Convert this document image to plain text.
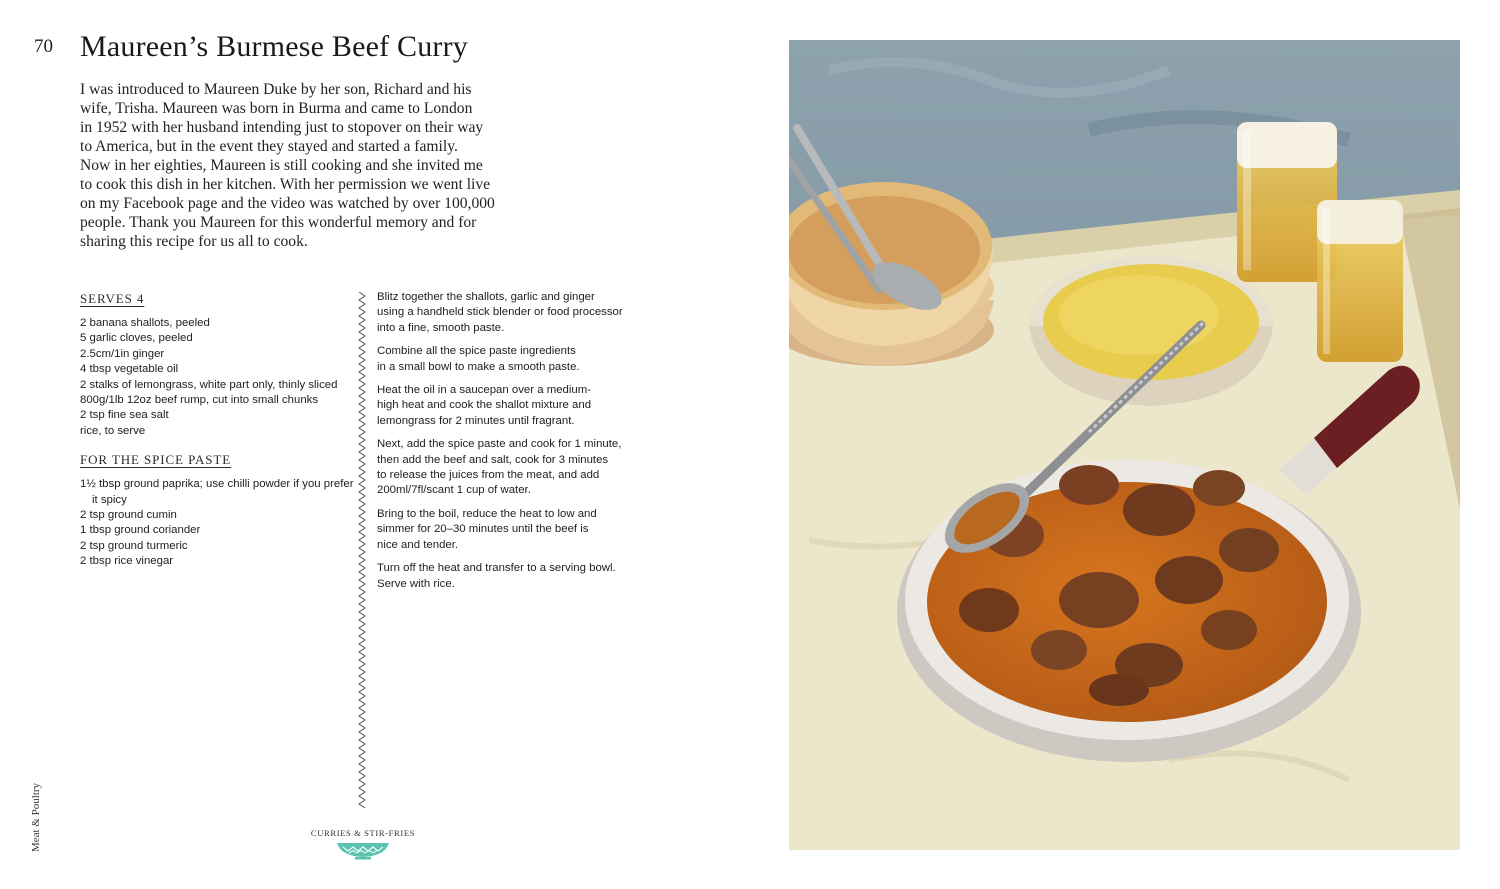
70 Maureen’s Burmese Beef Curry
I was introduced to Maureen Duke by her son, Richard and his
wife, Trisha. Maureen was born in Burma and came to London
in 1952 with her husband intending just to stopover on their way
to America, but in the event they stayed and started a family.
Now in her eighties, Maureen is still cooking and she invited me
to cook this dish in her kitchen. With her permission we went live
on my Facebook page and the video was watched by over 100,000
people. Thank you Maureen for this wonderful memory and for
sharing this recipe for us all to cook.
SERVES 4
2 banana shallots, peeled
5 garlic cloves, peeled
2.5cm/1in ginger
4 tbsp vegetable oil
2 stalks of lemongrass, white part only, thinly sliced
800g/1lb 12oz beef rump, cut into small chunks
2 tsp fine sea salt
rice, to serve
FOR THE SPICE PASTE
1½ tbsp ground paprika; use chilli powder if you prefer it spicy
2 tsp ground cumin
1 tbsp ground coriander
2 tsp ground turmeric
2 tbsp rice vinegar

Blitz together the shallots, garlic and ginger
using a handheld stick blender or food processor
into a fine, smooth paste.

Combine all the spice paste ingredients
in a small bowl to make a smooth paste.

Heat the oil in a saucepan over a medium-
high heat and cook the shallot mixture and
lemongrass for 2 minutes until fragrant.

Next, add the spice paste and cook for 1 minute,
then add the beef and salt, cook for 3 minutes
to release the juices from the meat, and add
200ml/7fl/scant 1 cup of water.

Bring to the boil, reduce the heat to low and
simmer for 20–30 minutes until the beef is
nice and tender.

Turn off the heat and transfer to a serving bowl.
Serve with rice.

Meat & Poultry	CURRIES & STIR-FRIES
